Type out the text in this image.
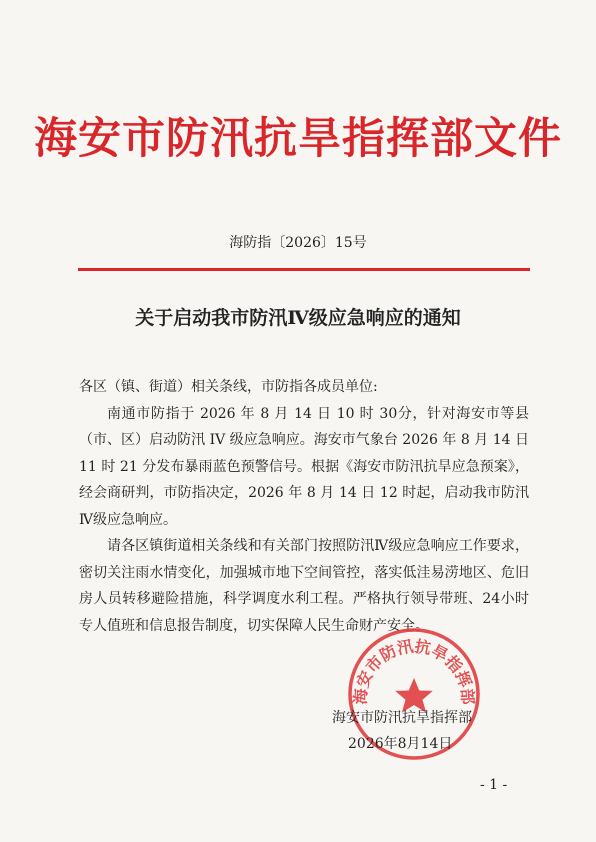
海安市防汛抗旱指挥部文件
海防指〔2026〕15号
关于启动我市防汛Ⅳ级应急响应的通知

各区（镇、街道）相关条线，市防指各成员单位:

南通市防指于 2026 年 8 月 14 日 10 时 30分，针对海安市等县（市、区）启动防汛 IV 级应急响应。海安市气象台 2026 年 8 月 14 日 11 时 21 分发布暴雨蓝色预警信号。根据《海安市防汛抗旱应急预案》，经会商研判，市防指决定，2026 年 8 月 14 日 12 时起，启动我市防汛Ⅳ级应急响应。

请各区镇街道相关条线和有关部门按照防汛Ⅳ级应急响应工作要求，密切关注雨水情变化，加强城市地下空间管控，落实低洼易涝地区、危旧房人员转移避险措施，科学调度水利工程。严格执行领导带班、24小时专人值班和信息报告制度，切实保障人民生命财产安全。

海安市防汛抗旱指挥部
海安市防汛抗旱指挥部
2026年8月14日
- 1 -
